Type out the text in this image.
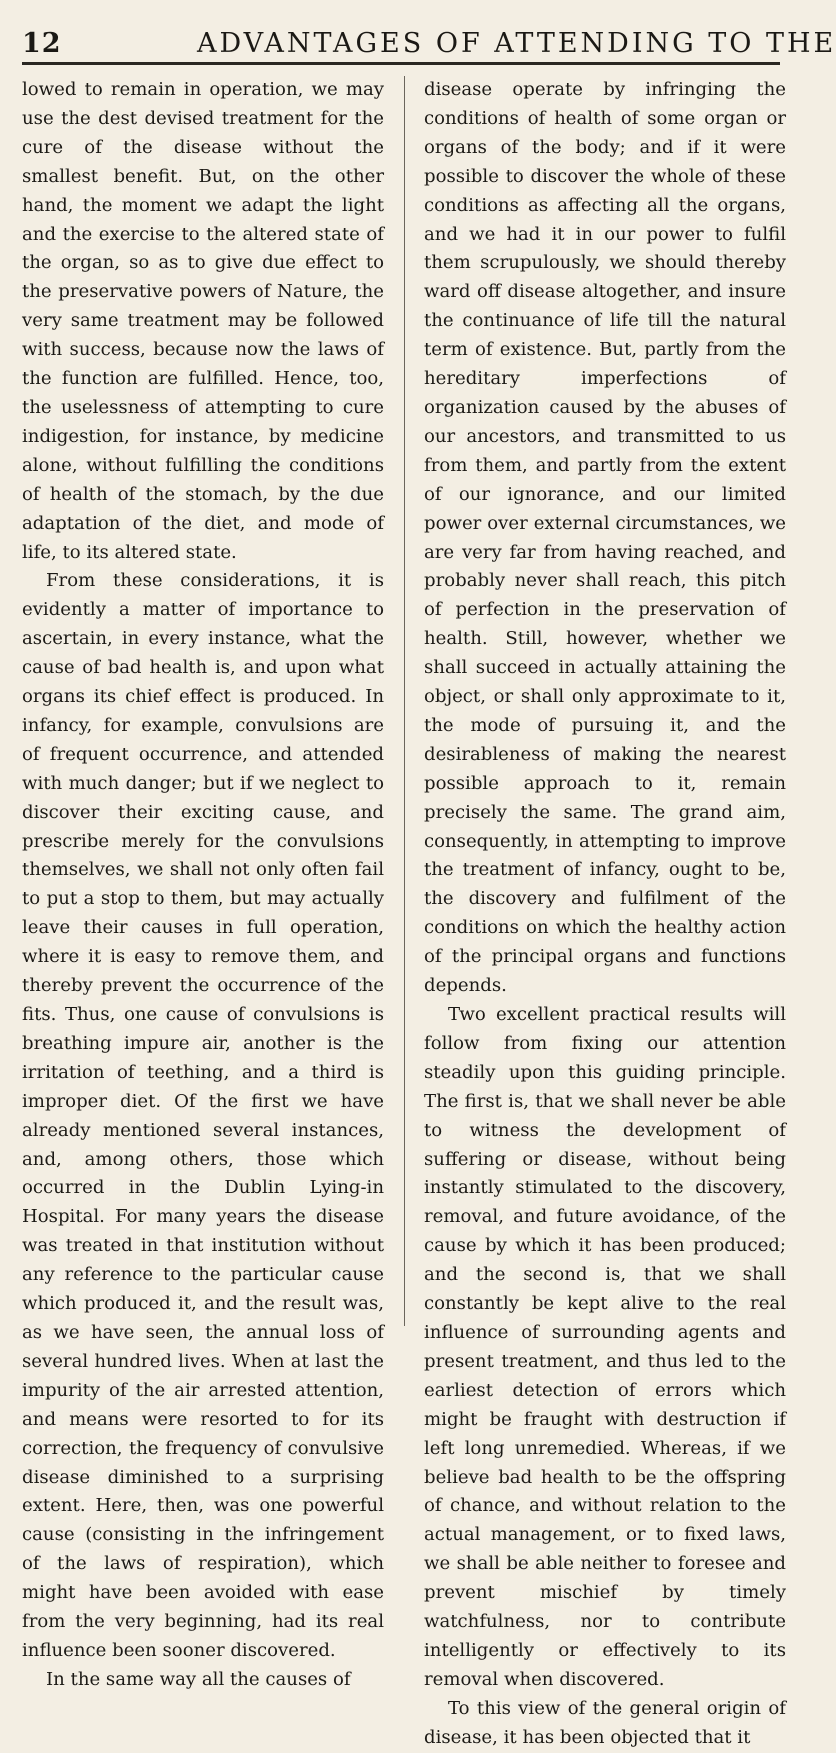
12	ADVANTAGES OF ATTENDING TO THE

lowed to remain in operation, we may use the dest devised treatment for the cure of the disease without the smallest benefit. But, on the other hand, the moment we adapt the light and the exercise to the altered state of the organ, so as to give due effect to the preservative powers of Nature, the very same treatment may be followed with success, because now the laws of the function are fulfilled. Hence, too, the uselessness of attempting to cure indigestion, for instance, by medicine alone, without fulfilling the conditions of health of the stomach, by the due adaptation of the diet, and mode of life, to its altered state.

From these considerations, it is evidently a matter of importance to ascertain, in every instance, what the cause of bad health is, and upon what organs its chief effect is produced. In infancy, for example, convulsions are of frequent occurrence, and attended with much danger; but if we neglect to discover their exciting cause, and prescribe merely for the convulsions themselves, we shall not only often fail to put a stop to them, but may actually leave their causes in full operation, where it is easy to remove them, and thereby prevent the occurrence of the fits. Thus, one cause of convulsions is breathing impure air, another is the irritation of teething, and a third is improper diet. Of the first we have already mentioned several instances, and, among others, those which occurred in the Dublin Lying-in Hospital. For many years the disease was treated in that institution without any reference to the particular cause which produced it, and the result was, as we have seen, the annual loss of several hundred lives. When at last the impurity of the air arrested attention, and means were resorted to for its correction, the frequency of convulsive disease diminished to a surprising extent. Here, then, was one powerful cause (consisting in the infringement of the laws of respiration), which might have been avoided with ease from the very beginning, had its real influence been sooner discovered.

In the same way all the causes of

disease operate by infringing the conditions of health of some organ or organs of the body; and if it were possible to discover the whole of these conditions as affecting all the organs, and we had it in our power to fulfil them scrupulously, we should thereby ward off disease altogether, and insure the continuance of life till the natural term of existence. But, partly from the hereditary imperfections of organization caused by the abuses of our ancestors, and transmitted to us from them, and partly from the extent of our ignorance, and our limited power over external circumstances, we are very far from having reached, and probably never shall reach, this pitch of perfection in the preservation of health. Still, however, whether we shall succeed in actually attaining the object, or shall only approximate to it, the mode of pursuing it, and the desirableness of making the nearest possible approach to it, remain precisely the same. The grand aim, consequently, in attempting to improve the treatment of infancy, ought to be, the discovery and fulfilment of the conditions on which the healthy action of the principal organs and functions depends.

Two excellent practical results will follow from fixing our attention steadily upon this guiding principle. The first is, that we shall never be able to witness the development of suffering or disease, without being instantly stimulated to the discovery, removal, and future avoidance, of the cause by which it has been produced; and the second is, that we shall constantly be kept alive to the real influence of surrounding agents and present treatment, and thus led to the earliest detection of errors which might be fraught with destruction if left long unremedied. Whereas, if we believe bad health to be the offspring of chance, and without relation to the actual management, or to fixed laws, we shall be able neither to foresee and prevent mischief by timely watchfulness, nor to contribute intelligently or effectively to its removal when discovered.

To this view of the general origin of disease, it has been objected that it
